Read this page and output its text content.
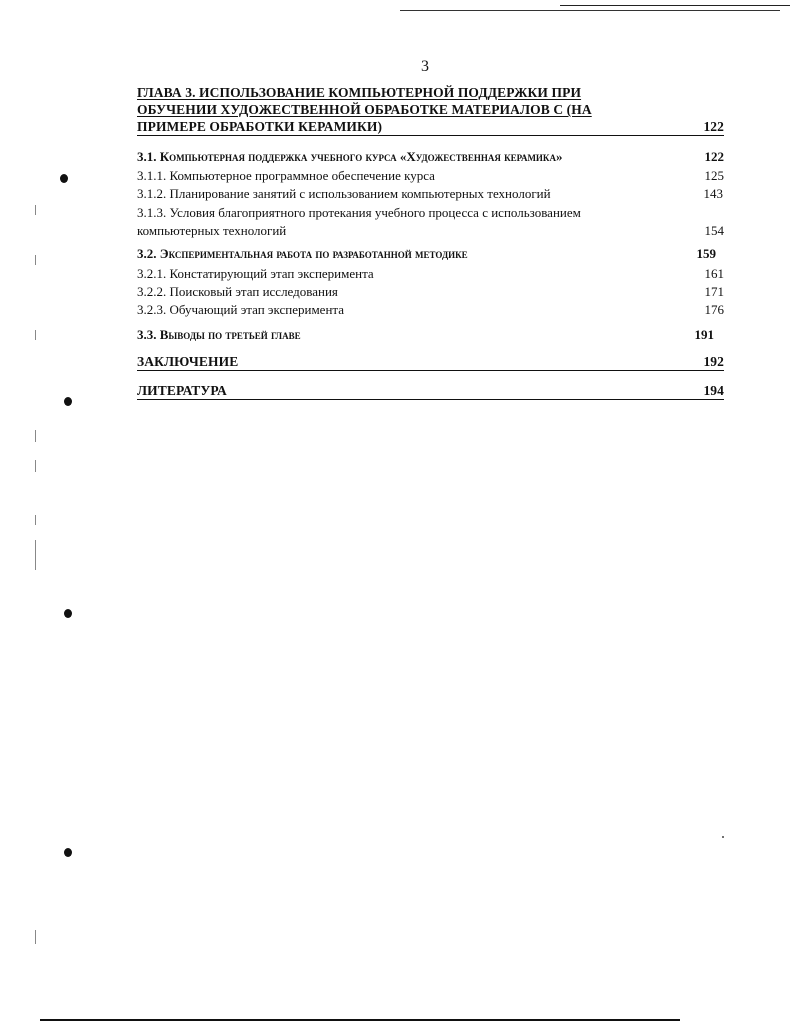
3
ГЛАВА 3. ИСПОЛЬЗОВАНИЕ КОМПЬЮТЕРНОЙ ПОДДЕРЖКИ ПРИ
ОБУЧЕНИИ ХУДОЖЕСТВЕННОЙ ОБРАБОТКЕ МАТЕРИАЛОВ С (НА
ПРИМЕРЕ ОБРАБОТКИ КЕРАМИКИ)	122
3.1. Компьютерная поддержка учебного курса «Художественная керамика»	122
3.1.1. Компьютерное программное обеспечение курса	125
3.1.2. Планирование занятий с использованием компьютерных технологий	143
3.1.3. Условия благоприятного протекания учебного процесса с использованием
компьютерных технологий	154
3.2. Экспериментальная работа по разработанной методике	159
3.2.1. Констатирующий этап эксперимента	161
3.2.2. Поисковый этап исследования	171
3.2.3. Обучающий этап эксперимента	176
3.3. Выводы по третьей главе	191
ЗАКЛЮЧЕНИЕ	192
ЛИТЕРАТУРА	194
